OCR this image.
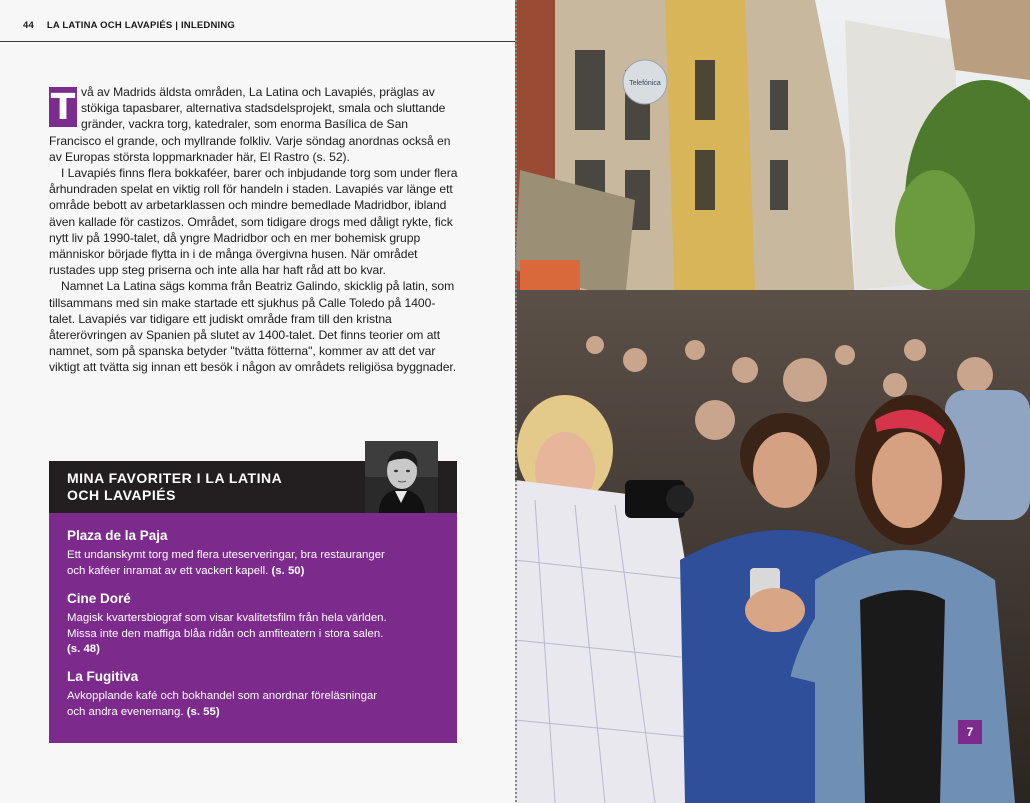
44 LA LATINA OCH LAVAPIÉS | INLEDNING

T vå av Madrids äldsta områden, La Latina och Lavapiés, präglas av stökiga tapasbarer, alternativa stadsdelsprojekt, smala och sluttande gränder, vackra torg, katedraler, som enorma Basílica de San Francisco el grande, och myllrande folkliv. Varje söndag anordnas också en av Europas största loppmarknader här, El Rastro (s. 52).

I Lavapiés finns flera bokkaféer, barer och inbjudande torg som under flera århundraden spelat en viktig roll för handeln i staden. Lavapiés var länge ett område bebott av arbetarklassen och mindre bemedlade Madridbor, ibland även kallade för castizos. Området, som tidigare drogs med dåligt rykte, fick nytt liv på 1990-talet, då yngre Madridbor och en mer bohemisk grupp människor började flytta in i de många övergivna husen. När området rustades upp steg priserna och inte alla har haft råd att bo kvar.

Namnet La Latina sägs komma från Beatriz Galindo, skicklig på latin, som tillsammans med sin make startade ett sjukhus på Calle Toledo på 1400-talet. Lavapiés var tidigare ett judiskt område fram till den kristna återerövringen av Spanien på slutet av 1400-talet. Det finns teorier om att namnet, som på spanska betyder "tvätta fötterna", kommer av att det var viktigt att tvätta sig innan ett besök i någon av områdets religiösa byggnader.

MINA FAVORITER I LA LATINA
OCH LAVAPIÉS
Plaza de la Paja
Ett undanskymt torg med flera uteserveringar, bra restauranger
och kaféer inramat av ett vackert kapell. (s. 50)
Cine Doré
Magisk kvartersbiograf som visar kvalitetsfilm från hela världen.
Missa inte den maffiga blåa ridån och amfiteatern i stora salen.
(s. 48)
La Fugitiva
Avkopplande kafé och bokhandel som anordnar föreläsningar
och andra evenemang. (s. 55)
Telefónica
7
